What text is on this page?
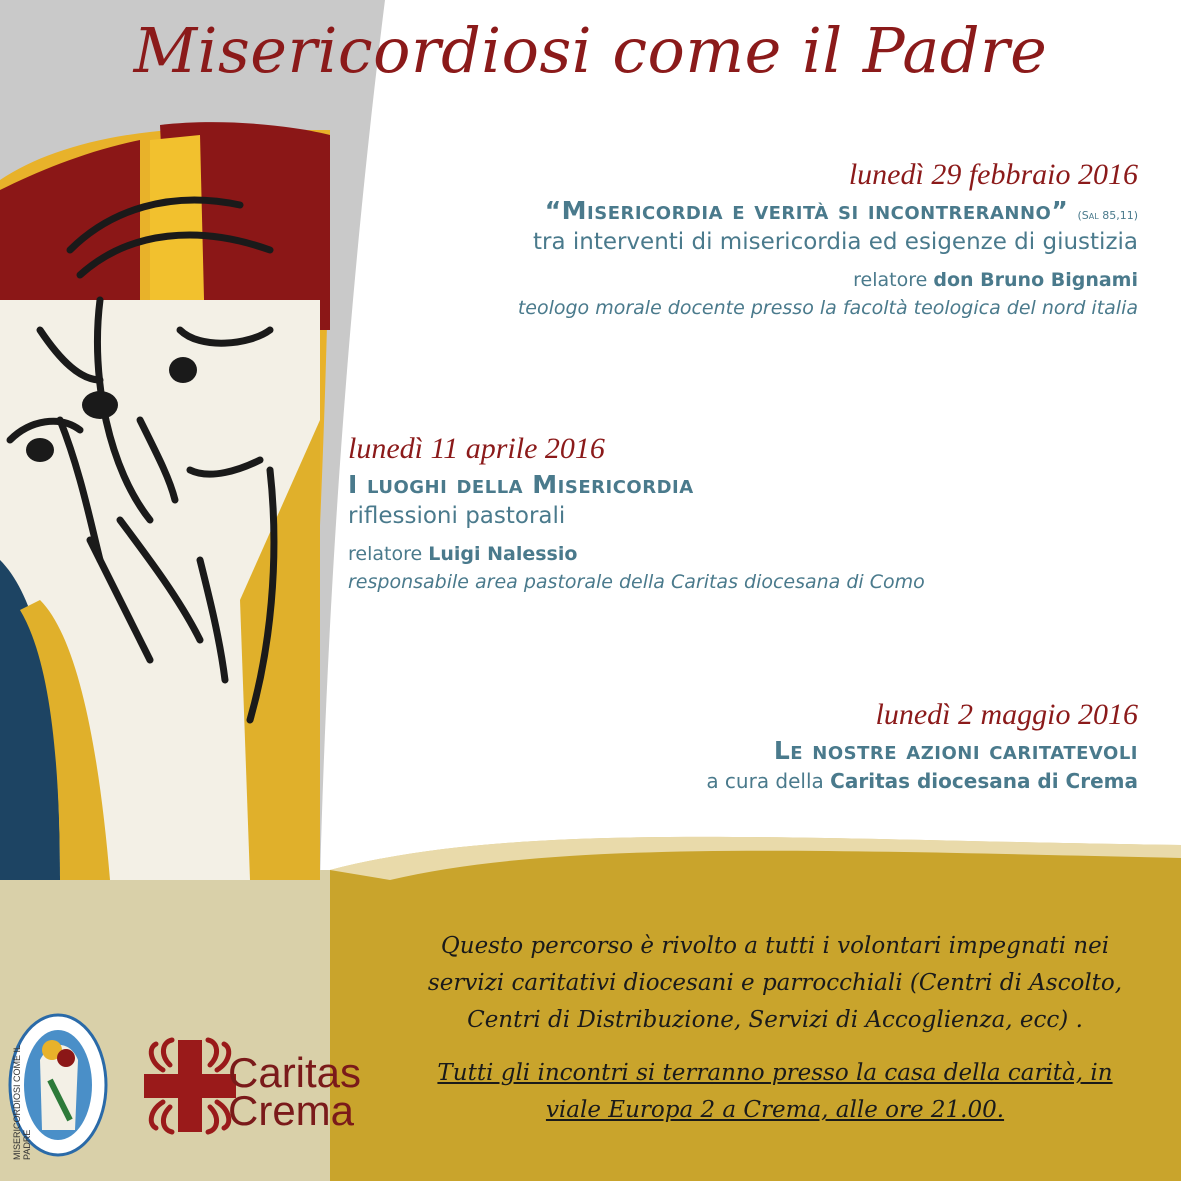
MISERICORDIOSI COME IL PADRE
Caritas
Crema
Misericordiosi come il Padre
lunedì 29 febbraio 2016
“Misericordia e verità si incontreranno” (Sal 85,11)
tra interventi di misericordia ed esigenze di giustizia
relatore don Bruno Bignami
teologo morale docente presso la facoltà teologica del nord italia
lunedì 11 aprile 2016
I luoghi della Misericordia
riflessioni pastorali
relatore Luigi Nalessio
responsabile area pastorale della Caritas diocesana di Como
lunedì 2 maggio 2016
Le nostre azioni caritatevoli
a cura della Caritas diocesana di Crema
Questo percorso è rivolto a tutti i volontari impegnati nei
servizi caritativi diocesani e parrocchiali (Centri di Ascolto,
Centri di Distribuzione, Servizi di Accoglienza, ecc) .
Tutti gli incontri si terranno presso la casa della carità, in
viale Europa 2 a Crema, alle ore 21.00.
